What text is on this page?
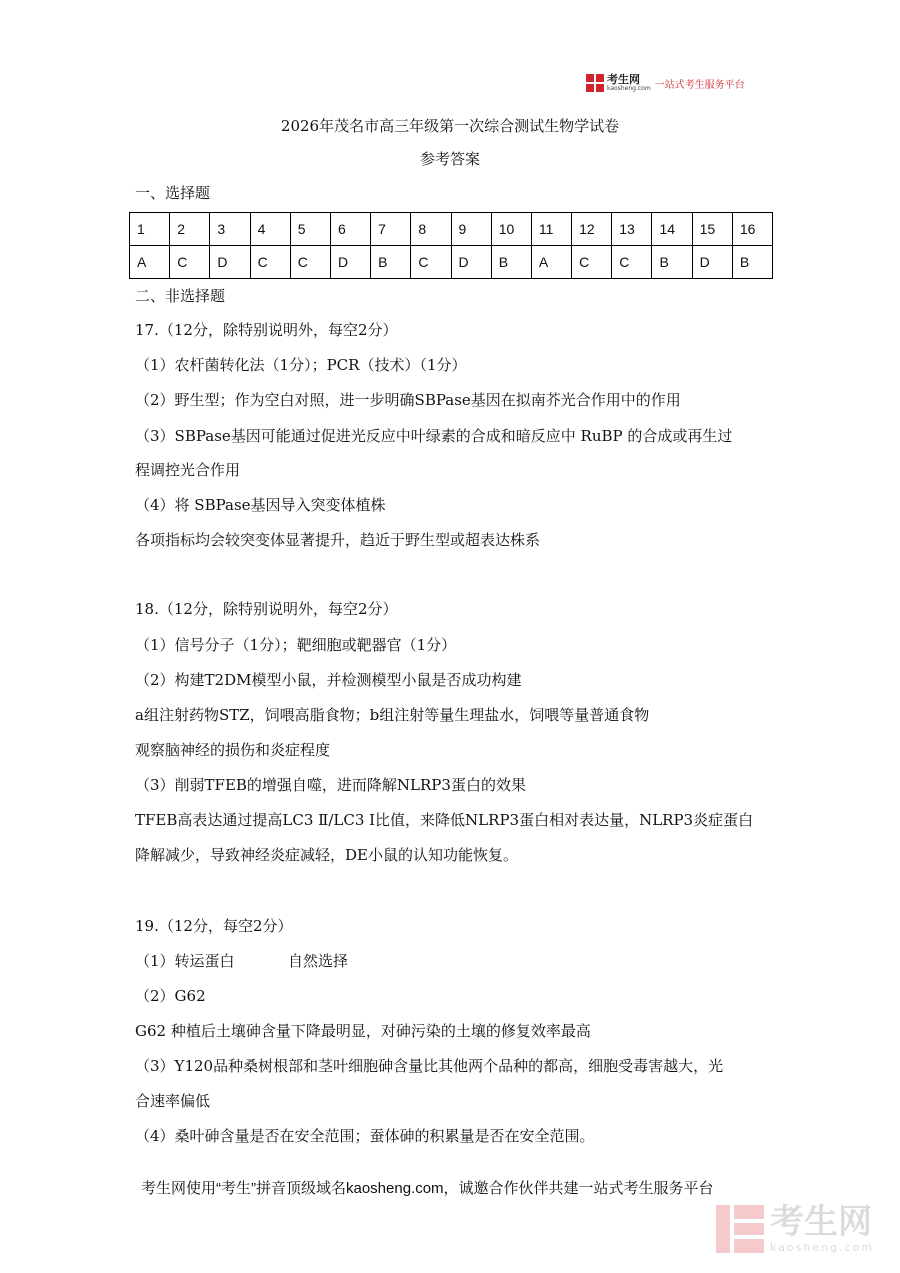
考生网
kaosheng.com 一站式考生服务平台
2026年茂名市高三年级第一次综合测试生物学试卷
参考答案
一、选择题
1	2	3	4	5	6	7	8	9	10	11	12	13	14	15	16
A	C	D	C	C	D	B	C	D	B	A	C	C	B	D	B
二、非选择题
17.（12分，除特别说明外，每空2分）
（1）农杆菌转化法（1分）；PCR（技术）（1分）
（2）野生型；作为空白对照，进一步明确SBPase基因在拟南芥光合作用中的作用
（3）SBPase基因可能通过促进光反应中叶绿素的合成和暗反应中 RuBP 的合成或再生过
程调控光合作用
（4）将 SBPase基因导入突变体植株
各项指标均会较突变体显著提升，趋近于野生型或超表达株系
18.（12分，除特别说明外，每空2分）
（1）信号分子（1分）；靶细胞或靶器官（1分）
（2）构建T2DM模型小鼠，并检测模型小鼠是否成功构建
a组注射药物STZ，饲喂高脂食物；b组注射等量生理盐水，饲喂等量普通食物
观察脑神经的损伤和炎症程度
（3）削弱TFEB的增强自噬，进而降解NLRP3蛋白的效果
TFEB高表达通过提高LC3 Ⅱ/LC3 Ⅰ比值，来降低NLRP3蛋白相对表达量，NLRP3炎症蛋白
降解减少，导致神经炎症减轻，DE小鼠的认知功能恢复。
19.（12分，每空2分）
（1）转运蛋白	自然选择
（2）G62
G62 种植后土壤砷含量下降最明显，对砷污染的土壤的修复效率最高
（3）Y120品种桑树根部和茎叶细胞砷含量比其他两个品种的都高，细胞受毒害越大，光
合速率偏低
（4）桑叶砷含量是否在安全范围；蚕体砷的积累量是否在安全范围。
考生网使用“考生”拼音顶级域名kaosheng.com，诚邀合作伙伴共建一站式考生服务平台
考生网
kaosheng.com
